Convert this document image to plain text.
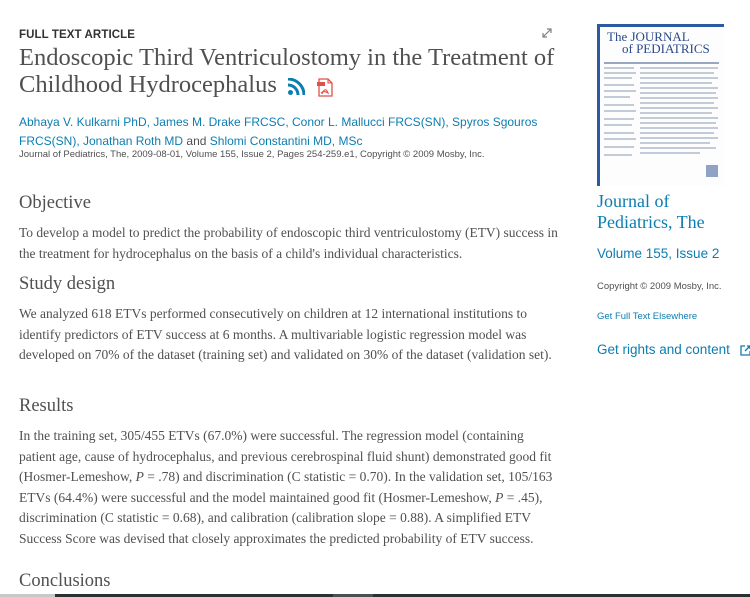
FULL TEXT ARTICLE
Endoscopic Third Ventriculostomy in the Treatment of Childhood Hydrocephalus
Abhaya V. Kulkarni PhD, James M. Drake FRCSC, Conor L. Mallucci FRCS(SN), Spyros Sgouros
FRCS(SN), Jonathan Roth MD and Shlomi Constantini MD, MSc
Journal of Pediatrics, The, 2009-08-01, Volume 155, Issue 2, Pages 254-259.e1, Copyright © 2009 Mosby, Inc.
Objective

To develop a model to predict the probability of endoscopic third ventriculostomy (ETV) success in the treatment for hydrocephalus on the basis of a child's individual characteristics.

Study design

We analyzed 618 ETVs performed consecutively on children at 12 international institutions to identify predictors of ETV success at 6 months. A multivariable logistic regression model was developed on 70% of the dataset (training set) and validated on 30% of the dataset (validation set).

Results

In the training set, 305/455 ETVs (67.0%) were successful. The regression model (containing patient age, cause of hydrocephalus, and previous cerebrospinal fluid shunt) demonstrated good fit (Hosmer-Lemeshow, P = .78) and discrimination (C statistic = 0.70). In the validation set, 105/163 ETVs (64.4%) were successful and the model maintained good fit (Hosmer-Lemeshow, P = .45), discrimination (C statistic = 0.68), and calibration (calibration slope = 0.88). A simplified ETV Success Score was devised that closely approximates the predicted probability of ETV success.

Conclusions
The JOURNAL
of PEDIATRICS
Journal of Pediatrics, The
Volume 155, Issue 2
Copyright © 2009 Mosby, Inc.
Get Full Text Elsewhere
Get rights and content
